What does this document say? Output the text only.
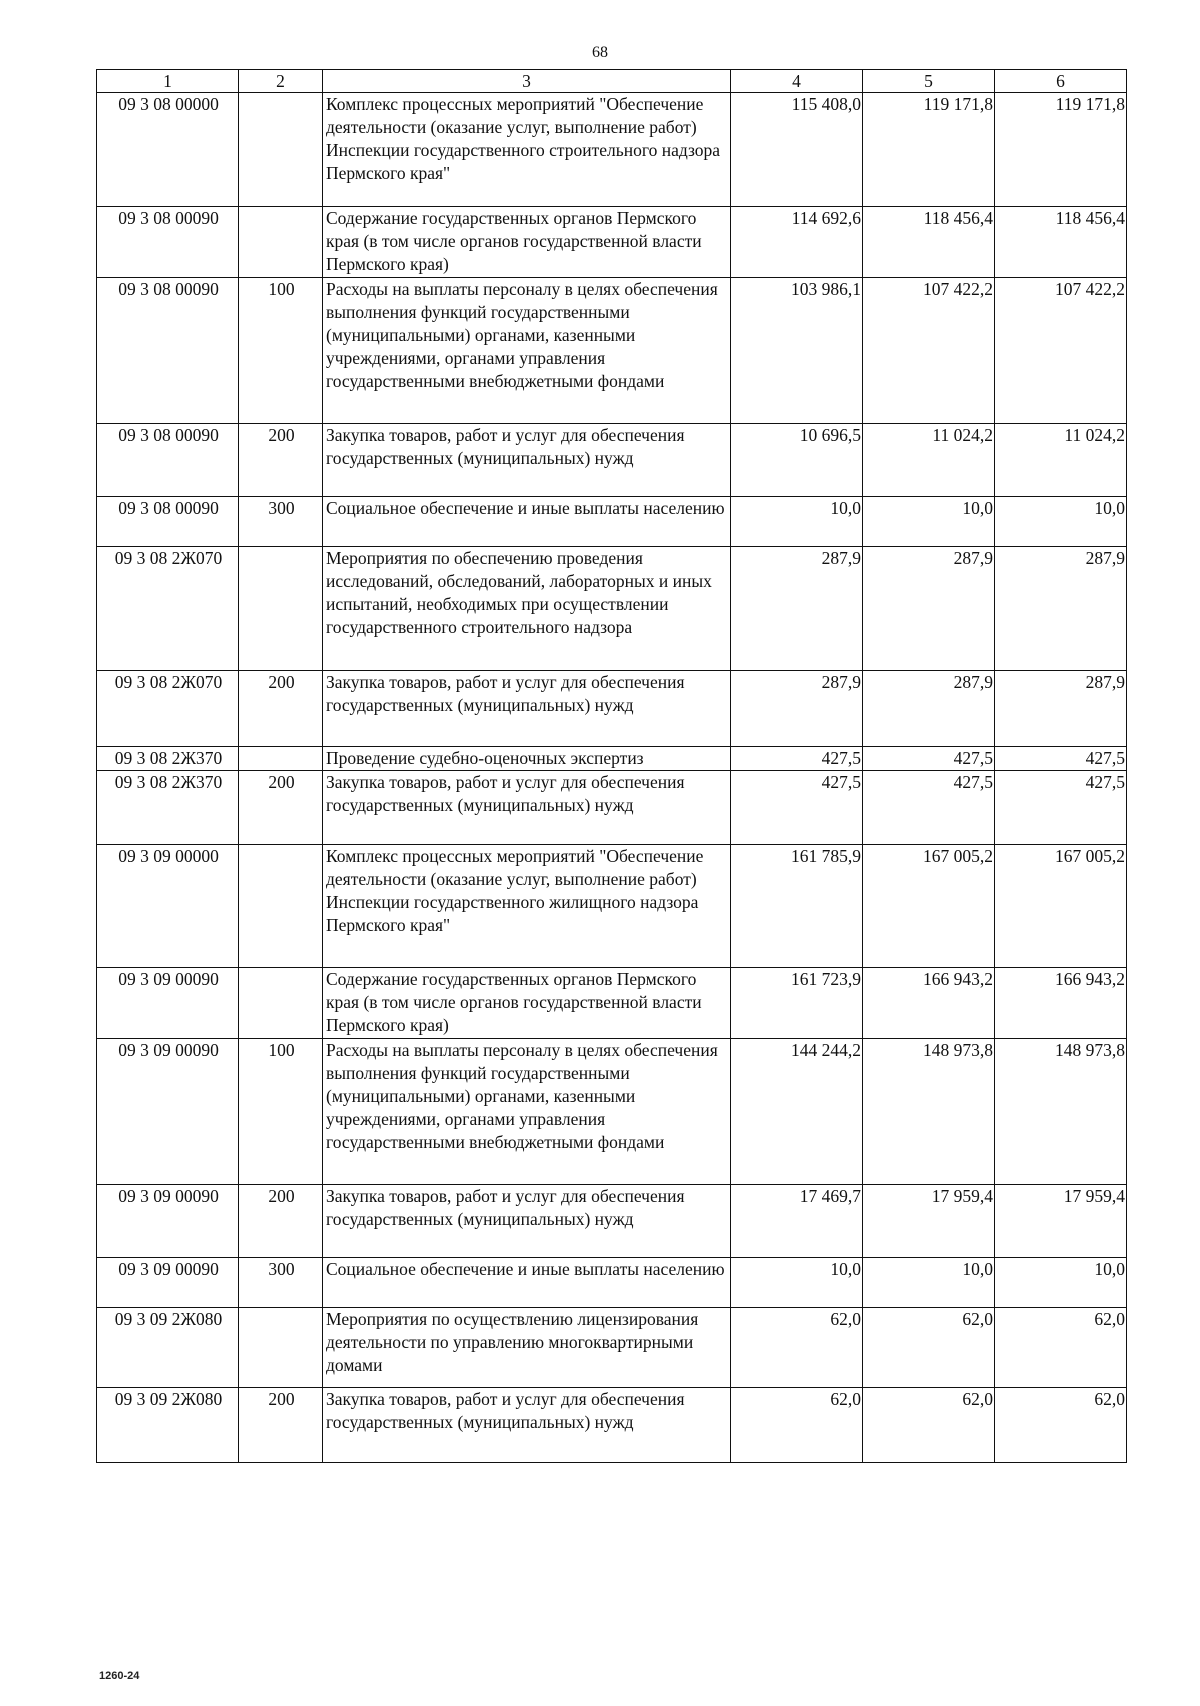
68
1	2	3	4	5	6
09 3 08 00000		Комплекс процессных мероприятий "Обеспечение деятельности (оказание услуг, выполнение работ) Инспекции государственного строительного надзора Пермского края"	115 408,0	119 171,8	119 171,8
09 3 08 00090		Содержание государственных органов Пермского края (в том числе органов государственной власти Пермского края)	114 692,6	118 456,4	118 456,4
09 3 08 00090	100	Расходы на выплаты персоналу в целях обеспечения выполнения функций государственными (муниципальными) органами, казенными учреждениями, органами управления государственными внебюджетными фондами	103 986,1	107 422,2	107 422,2
09 3 08 00090	200	Закупка товаров, работ и услуг для обеспечения государственных (муниципальных) нужд	10 696,5	11 024,2	11 024,2
09 3 08 00090	300	Социальное обеспечение и иные выплаты населению	10,0	10,0	10,0
09 3 08 2Ж070		Мероприятия по обеспечению проведения исследований, обследований, лабораторных и иных испытаний, необходимых при осуществлении государственного строительного надзора	287,9	287,9	287,9
09 3 08 2Ж070	200	Закупка товаров, работ и услуг для обеспечения государственных (муниципальных) нужд	287,9	287,9	287,9
09 3 08 2Ж370		Проведение судебно-оценочных экспертиз	427,5	427,5	427,5
09 3 08 2Ж370	200	Закупка товаров, работ и услуг для обеспечения государственных (муниципальных) нужд	427,5	427,5	427,5
09 3 09 00000		Комплекс процессных мероприятий "Обеспечение деятельности (оказание услуг, выполнение работ) Инспекции государственного жилищного надзора Пермского края"	161 785,9	167 005,2	167 005,2
09 3 09 00090		Содержание государственных органов Пермского края (в том числе органов государственной власти Пермского края)	161 723,9	166 943,2	166 943,2
09 3 09 00090	100	Расходы на выплаты персоналу в целях обеспечения выполнения функций государственными (муниципальными) органами, казенными учреждениями, органами управления государственными внебюджетными фондами	144 244,2	148 973,8	148 973,8
09 3 09 00090	200	Закупка товаров, работ и услуг для обеспечения государственных (муниципальных) нужд	17 469,7	17 959,4	17 959,4
09 3 09 00090	300	Социальное обеспечение и иные выплаты населению	10,0	10,0	10,0
09 3 09 2Ж080		Мероприятия по осуществлению лицензирования деятельности по управлению многоквартирными домами	62,0	62,0	62,0
09 3 09 2Ж080	200	Закупка товаров, работ и услуг для обеспечения государственных (муниципальных) нужд	62,0	62,0	62,0
1260-24
